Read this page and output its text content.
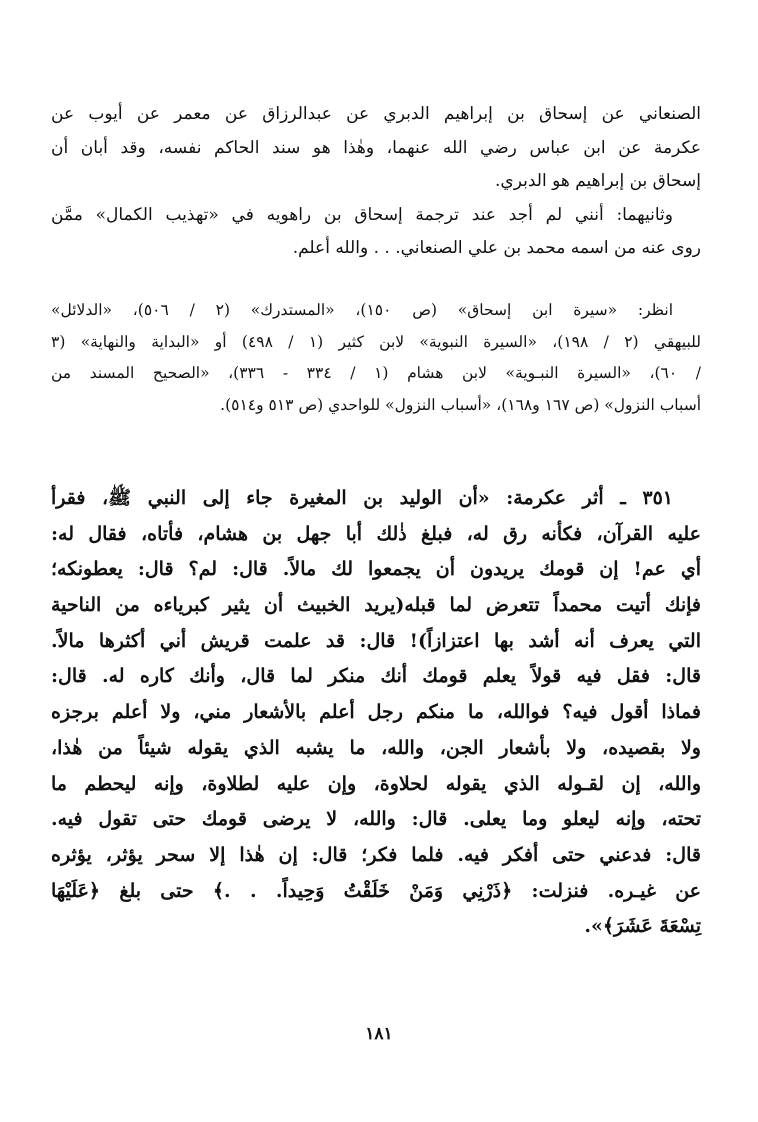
الصنعاني عن إسحاق بن إبراهيم الدبري عن عبدالرزاق عن معمر عن أيوب عن
عكرمة عن ابن عباس رضي الله عنهما، وهٰذا هو سند الحاكم نفسه، وقد أبان أن
إسحاق بن إبراهيم هو الدبري.
وثانيهما: أنني لم أجد عند ترجمة إسحاق بن راهويه في «تهذيب الكمال» ممَّن
روى عنه من اسمه محمد بن علي الصنعاني. . . والله أعلم.
انظر: «سيرة ابن إسحاق» (ص ١٥٠)، «المستدرك» (٢ / ٥٠٦)، «الدلائل»
للبيهقي (٢ / ١٩٨)، «السيرة النبوية» لابن كثير (١ / ٤٩٨) أو «البداية والنهاية» (٣
/ ٦٠)، «السيرة النبـوية» لابن هشام (١ / ٣٣٤ - ٣٣٦)، «الصحيح المسند من
أسباب النزول» (ص ١٦٧ و١٦٨)، «أسباب النزول» للواحدي (ص ٥١٣ و٥١٤).
٣٥١ ـ أثر عكرمة: «أن الوليد بن المغيرة جاء إلى النبي ﷺ، فقرأ
عليه القرآن، فكأنه رق له، فبلغ ذٰلك أبا جهل بن هشام، فأتاه، فقال له:
أي عم! إن قومك يريدون أن يجمعوا لك مالاً. قال: لم؟ قال: يعطونكه؛
فإنك أتيت محمداً تتعرض لما قبله(يريد الخبيث أن يثير كبرياءه من الناحية
التي يعرف أنه أشد بها اعتزازاً)! قال: قد علمت قريش أني أكثرها مالاً.
قال: فقل فيه قولاً يعلم قومك أنك منكر لما قال، وأنك كاره له. قال:
فماذا أقول فيه؟ فوالله، ما منكم رجل أعلم بالأشعار مني، ولا أعلم برجزه
ولا بقصيده، ولا بأشعار الجن، والله، ما يشبه الذي يقوله شيئاً من هٰذا،
والله، إن لقـوله الذي يقوله لحلاوة، وإن عليه لطلاوة، وإنه ليحطم ما
تحته، وإنه ليعلو وما يعلى. قال: والله، لا يرضى قومك حتى تقول فيه.
قال: فدعني حتى أفكر فيه. فلما فكر؛ قال: إن هٰذا إلا سحر يؤثر، يؤثره
عن غيـره. فنزلت: ﴿ذَرْنِي وَمَنْ خَلَقْتُ وَحِيداً. . .﴾ حتى بلغ ﴿عَلَيْهَا
تِسْعَةَ عَشَرَ﴾».
١٨١
